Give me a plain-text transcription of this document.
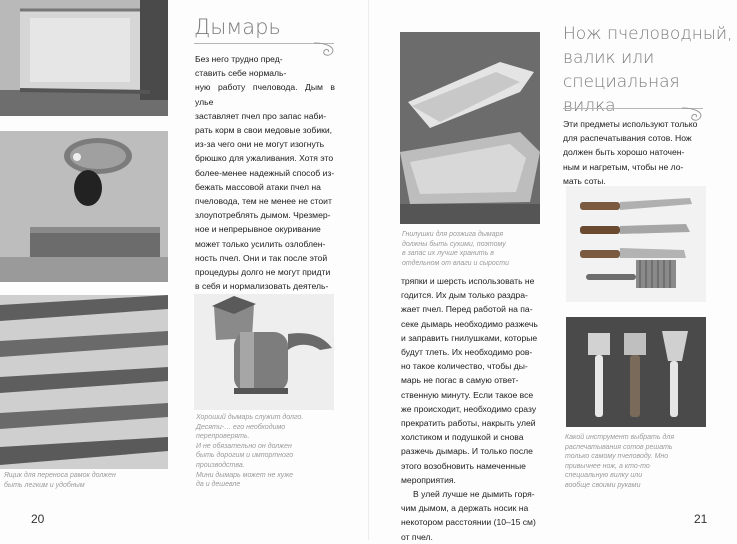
Ящик для переноса рамок должен
быть легким и удобным
Дымарь

Без него трудно пред-

ставить себе нормаль-

ную работу пчеловода. Дым в улье

заставляет пчел про запас наби-

рать корм в свои медовые зобики,

из-за чего они не могут изогнуть

брюшко для ужаливания. Хотя это

более-менее надежный способ из-

бежать массовой атаки пчел на

пчеловода, тем не менее не стоит

злоупотреблять дымом. Чрезмер-

ное и непрерывное окуривание

может только усилить озлоблен-

ность пчел. Они и так после этой

процедуры долго не могут придти

в себя и нормализовать деятель-

Хороший дымарь служит долго.
Десяти-… его необходимо
перепроверять.
И не обязательно он должен
быть дорогим и импортного
производства.
Мини дымарь может не хуже
да и дешевле
20
Гнилушки для розжига дымаря
должны быть сухими, поэтому
в запас их лучше хранить в
отдельном от влаги и сырости

тряпки и шерсть использовать не

годится. Их дым только раздра-

жает пчел. Перед работой на па-

секе дымарь необходимо разжечь

и заправить гнилушками, которые

будут тлеть. Их необходимо ров-

но такое количество, чтобы ды-

марь не погас в самую ответ-

ственную минуту. Если такое все

же происходит, необходимо сразу

прекратить работы, накрыть улей

холстиком и подушкой и снова

разжечь дымарь. И только после

этого возобновить намеченные

мероприятия.

В улей лучше не дымить горя-

чим дымом, а держать носик на

некотором расстоянии (10–15 см)

от пчел.

Нож пчеловодный,
валик или
специальная
вилка

Эти предметы используют только

для распечатывания сотов. Нож

должен быть хорошо наточен-

ным и нагретым, чтобы не ло-

мать соты.

Какой инструмент выбрать для
распечатывания сотов решать
только самому пчеловоду. Мно
привычнее нож, а кто-то
специальную вилку или
вообще своими руками
21
